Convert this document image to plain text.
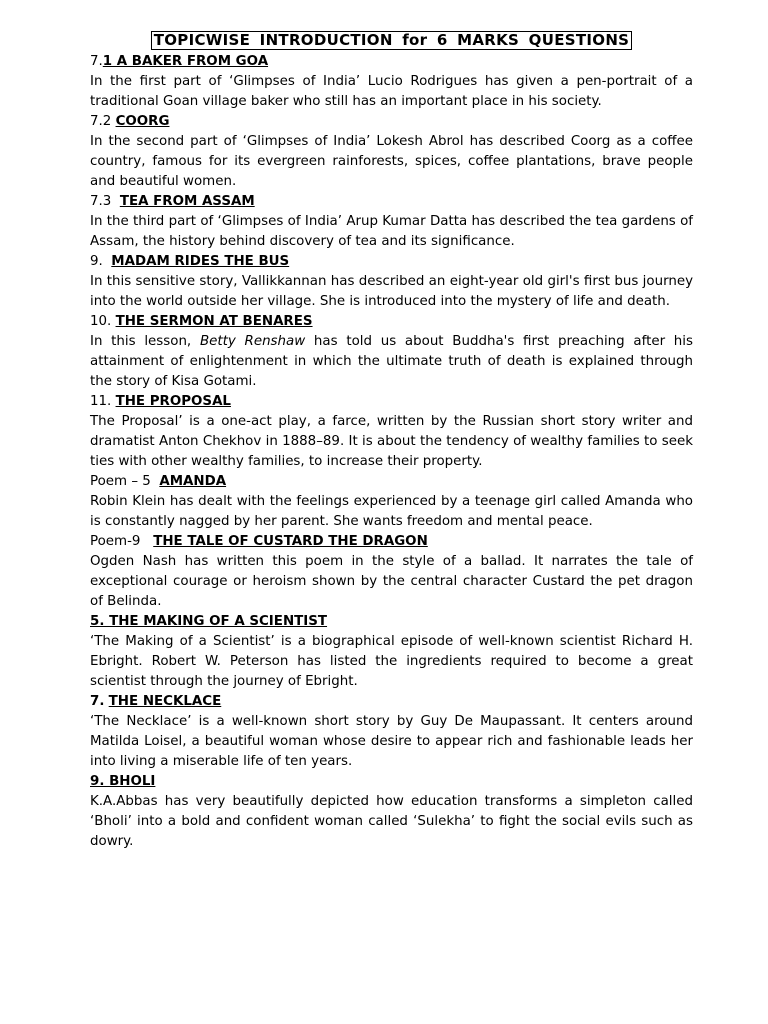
TOPICWISE INTRODUCTION for 6 MARKS QUESTIONS
7.1 A BAKER FROM GOA

In the first part of ‘Glimpses of India’ Lucio Rodrigues has given a pen-portrait of a traditional Goan village baker who still has an important place in his society.

7.2 COORG

In the second part of ‘Glimpses of India’ Lokesh Abrol has described Coorg as a coffee country, famous for its evergreen rainforests, spices, coffee plantations, brave people and beautiful women.

7.3 TEA FROM ASSAM

In the third part of ‘Glimpses of India’ Arup Kumar Datta has described the tea gardens of Assam, the history behind discovery of tea and its significance.

9. MADAM RIDES THE BUS

In this sensitive story, Vallikkannan has described an eight-year old girl's first bus journey into the world outside her village. She is introduced into the mystery of life and death.

10. THE SERMON AT BENARES

In this lesson, Betty Renshaw has told us about Buddha's first preaching after his attainment of enlightenment in which the ultimate truth of death is explained through the story of Kisa Gotami.

11. THE PROPOSAL

The Proposal’ is a one-act play, a farce, written by the Russian short story writer and dramatist Anton Chekhov in 1888–89. It is about the tendency of wealthy families to seek ties with other wealthy families, to increase their property.

Poem – 5 AMANDA

Robin Klein has dealt with the feelings experienced by a teenage girl called Amanda who is constantly nagged by her parent. She wants freedom and mental peace.

Poem-9 THE TALE OF CUSTARD THE DRAGON

Ogden Nash has written this poem in the style of a ballad. It narrates the tale of exceptional courage or heroism shown by the central character Custard the pet dragon of Belinda.

5. THE MAKING OF A SCIENTIST

‘The Making of a Scientist’ is a biographical episode of well-known scientist Richard H. Ebright. Robert W. Peterson has listed the ingredients required to become a great scientist through the journey of Ebright.

7. THE NECKLACE

‘The Necklace’ is a well-known short story by Guy De Maupassant. It centers around Matilda Loisel, a beautiful woman whose desire to appear rich and fashionable leads her into living a miserable life of ten years.

9. BHOLI

K.A.Abbas has very beautifully depicted how education transforms a simpleton called ‘Bholi’ into a bold and confident woman called ‘Sulekha’ to fight the social evils such as dowry.
